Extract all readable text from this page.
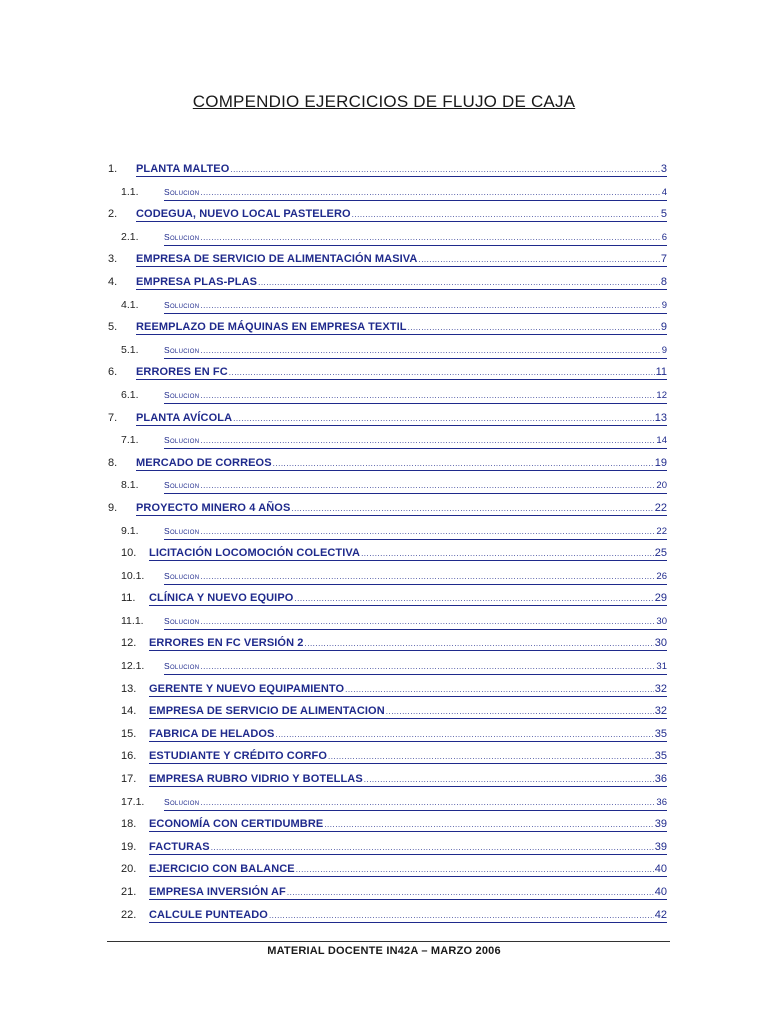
COMPENDIO EJERCICIOS DE FLUJO DE CAJA
1. PLANTA MALTEO .....	3
1.1.	Solucion .....	4
2. CODEGUA, NUEVO LOCAL PASTELERO .....	5
2.1.	Solucion .....	6
3. EMPRESA DE SERVICIO DE ALIMENTACIÓN MASIVA .....	7
4. EMPRESA PLAS-PLAS .....	8
4.1.	Solucion .....	9
5. REEMPLAZO DE MÁQUINAS EN EMPRESA TEXTIL .....	9
5.1.	Solucion .....	9
6. ERRORES EN FC .....	11
6.1.	Solucion .....	12
7. PLANTA AVÍCOLA .....	13
7.1.	Solucion .....	14
8. MERCADO DE CORREOS .....	19
8.1.	Solucion .....	20
9. PROYECTO MINERO 4 AÑOS .....	22
9.1.	Solucion .....	22
10. LICITACIÓN LOCOMOCIÓN COLECTIVA .....	25
10.1. Solucion .....	26
11. CLÍNICA Y NUEVO EQUIPO .....	29
11.1. Solucion .....	30
12. ERRORES EN FC VERSIÓN 2 .....	30
12.1. Solucion .....	31
13. GERENTE Y NUEVO EQUIPAMIENTO .....	32
14. EMPRESA DE SERVICIO DE ALIMENTACION .....	32
15. FABRICA DE HELADOS .....	35
16. ESTUDIANTE Y CRÉDITO CORFO .....	35
17. EMPRESA RUBRO VIDRIO Y BOTELLAS .....	36
17.1. Solucion .....	36
18. ECONOMÍA CON CERTIDUMBRE .....	39
19. FACTURAS .....	39
20. EJERCICIO CON BALANCE .....	40
21. EMPRESA INVERSIÓN AF .....	40
22. CALCULE PUNTEADO .....	42
MATERIAL DOCENTE IN42A – MARZO 2006
